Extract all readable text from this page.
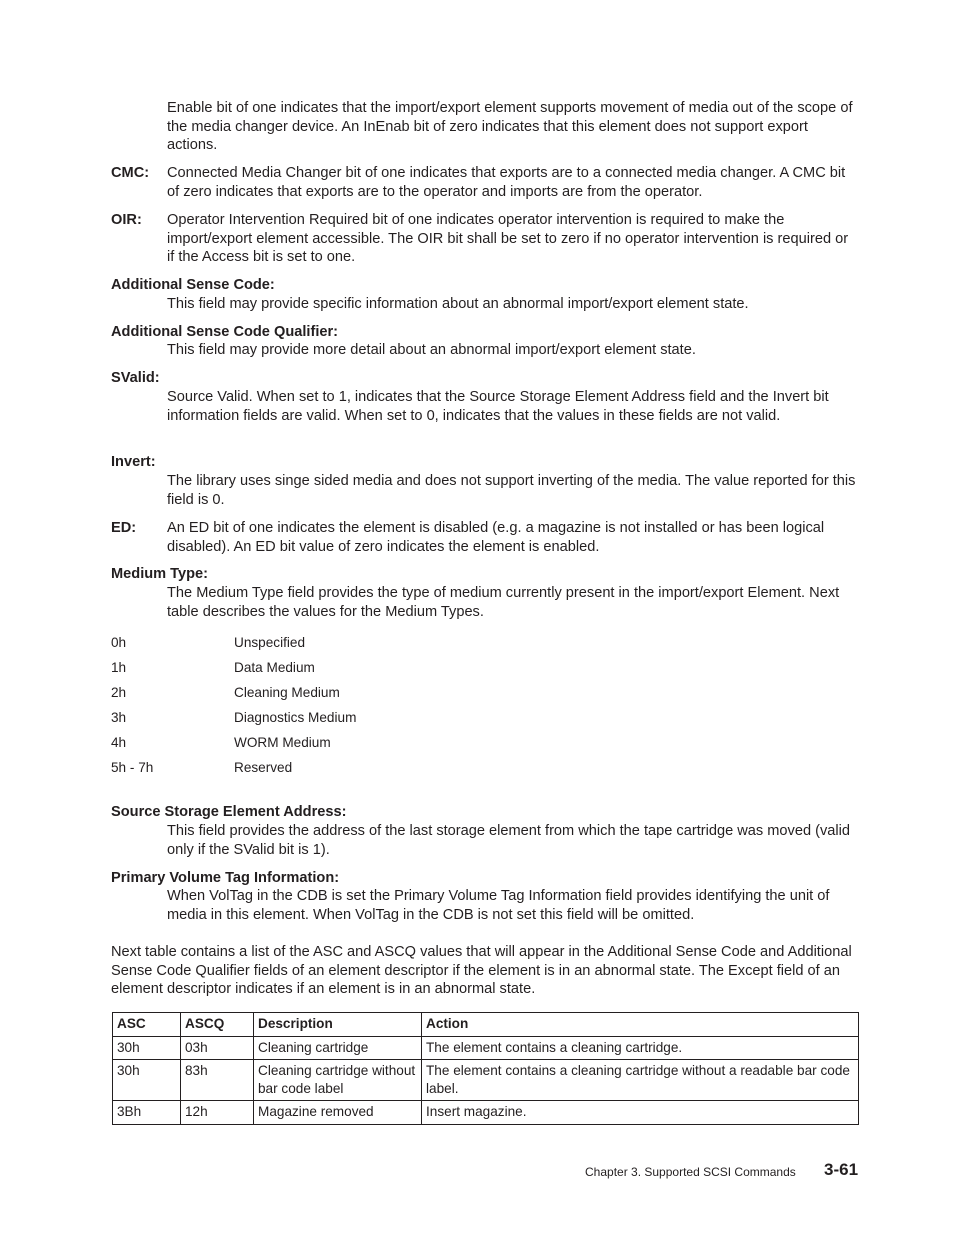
Enable bit of one indicates that the import/export element supports movement of media out of the scope of the media changer device. An InEnab bit of zero indicates that this element does not support export actions.
CMC: Connected Media Changer bit of one indicates that exports are to a connected media changer. A CMC bit of zero indicates that exports are to the operator and imports are from the operator.
OIR: Operator Intervention Required bit of one indicates operator intervention is required to make the import/export element accessible. The OIR bit shall be set to zero if no operator intervention is required or if the Access bit is set to one.
Additional Sense Code:
This field may provide specific information about an abnormal import/export element state.
Additional Sense Code Qualifier:
This field may provide more detail about an abnormal import/export element state.
SValid:
Source Valid. When set to 1, indicates that the Source Storage Element Address field and the Invert bit information fields are valid. When set to 0, indicates that the values in these fields are not valid.
Invert:
The library uses singe sided media and does not support inverting of the media. The value reported for this field is 0.
ED: An ED bit of one indicates the element is disabled (e.g. a magazine is not installed or has been logical disabled). An ED bit value of zero indicates the element is enabled.
Medium Type:
The Medium Type field provides the type of medium currently present in the import/export Element. Next table describes the values for the Medium Types.
0h	Unspecified
1h	Data Medium
2h	Cleaning Medium
3h	Diagnostics Medium
4h	WORM Medium
5h - 7h	Reserved
Source Storage Element Address:
This field provides the address of the last storage element from which the tape cartridge was moved (valid only if the SValid bit is 1).
Primary Volume Tag Information:
When VolTag in the CDB is set the Primary Volume Tag Information field provides identifying the unit of media in this element. When VolTag in the CDB is not set this field will be omitted.
Next table contains a list of the ASC and ASCQ values that will appear in the Additional Sense Code and Additional Sense Code Qualifier fields of an element descriptor if the element is in an abnormal state. The Except field of an element descriptor indicates if an element is in an abnormal state.
ASC	ASCQ	Description	Action
30h	03h	Cleaning cartridge	The element contains a cleaning cartridge.
30h	83h	Cleaning cartridge without bar code label	The element contains a cleaning cartridge without a readable bar code label.
3Bh	12h	Magazine removed	Insert magazine.
Chapter 3. Supported SCSI Commands 3-61
